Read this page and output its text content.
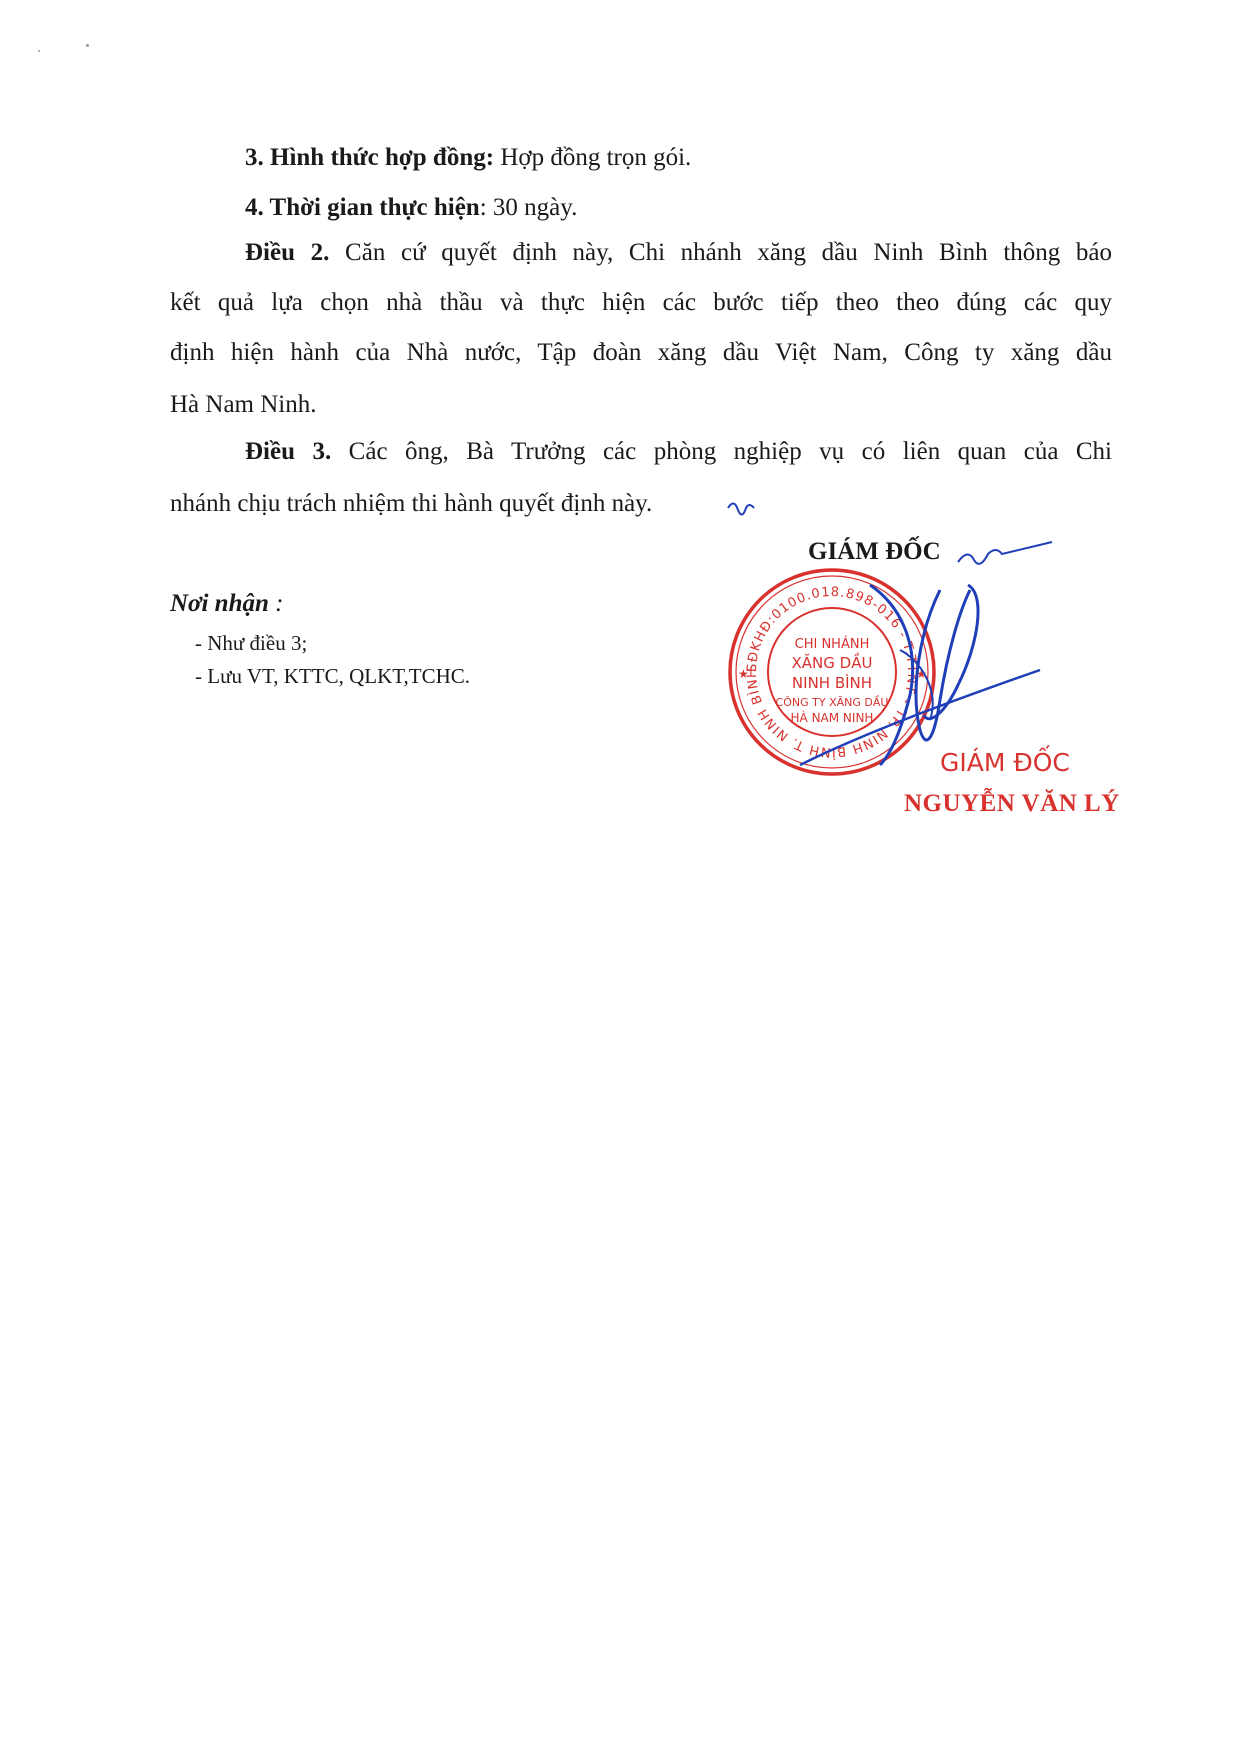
3. Hình thức hợp đồng: Hợp đồng trọn gói.
4. Thời gian thực hiện: 30 ngày.
Điều 2. Căn cứ quyết định này, Chi nhánh xăng dầu Ninh Bình thông báo
kết quả lựa chọn nhà thầu và thực hiện các bước tiếp theo theo đúng các quy
định hiện hành của Nhà nước, Tập đoàn xăng dầu Việt Nam, Công ty xăng dầu
Hà Nam Ninh.
Điều 3. Các ông, Bà Trưởng các phòng nghiệp vụ có liên quan của Chi
nhánh chịu trách nhiệm thi hành quyết định này.
Nơi nhận :
- Như điều 3;
- Lưu VT, KTTC, QLKT,TCHC.
GIÁM ĐỐC
SĐKHĐ:0100.018.898-016 - T.TTNT - TP. NINH BÌNH T. NINH BÌNH
CHI NHÁNH
XĂNG DẦU
NINH BÌNH
CÔNG TY XĂNG DẦU
HÀ NAM NINH
★	★
GIÁM ĐỐC
NGUYỄN VĂN LÝ
